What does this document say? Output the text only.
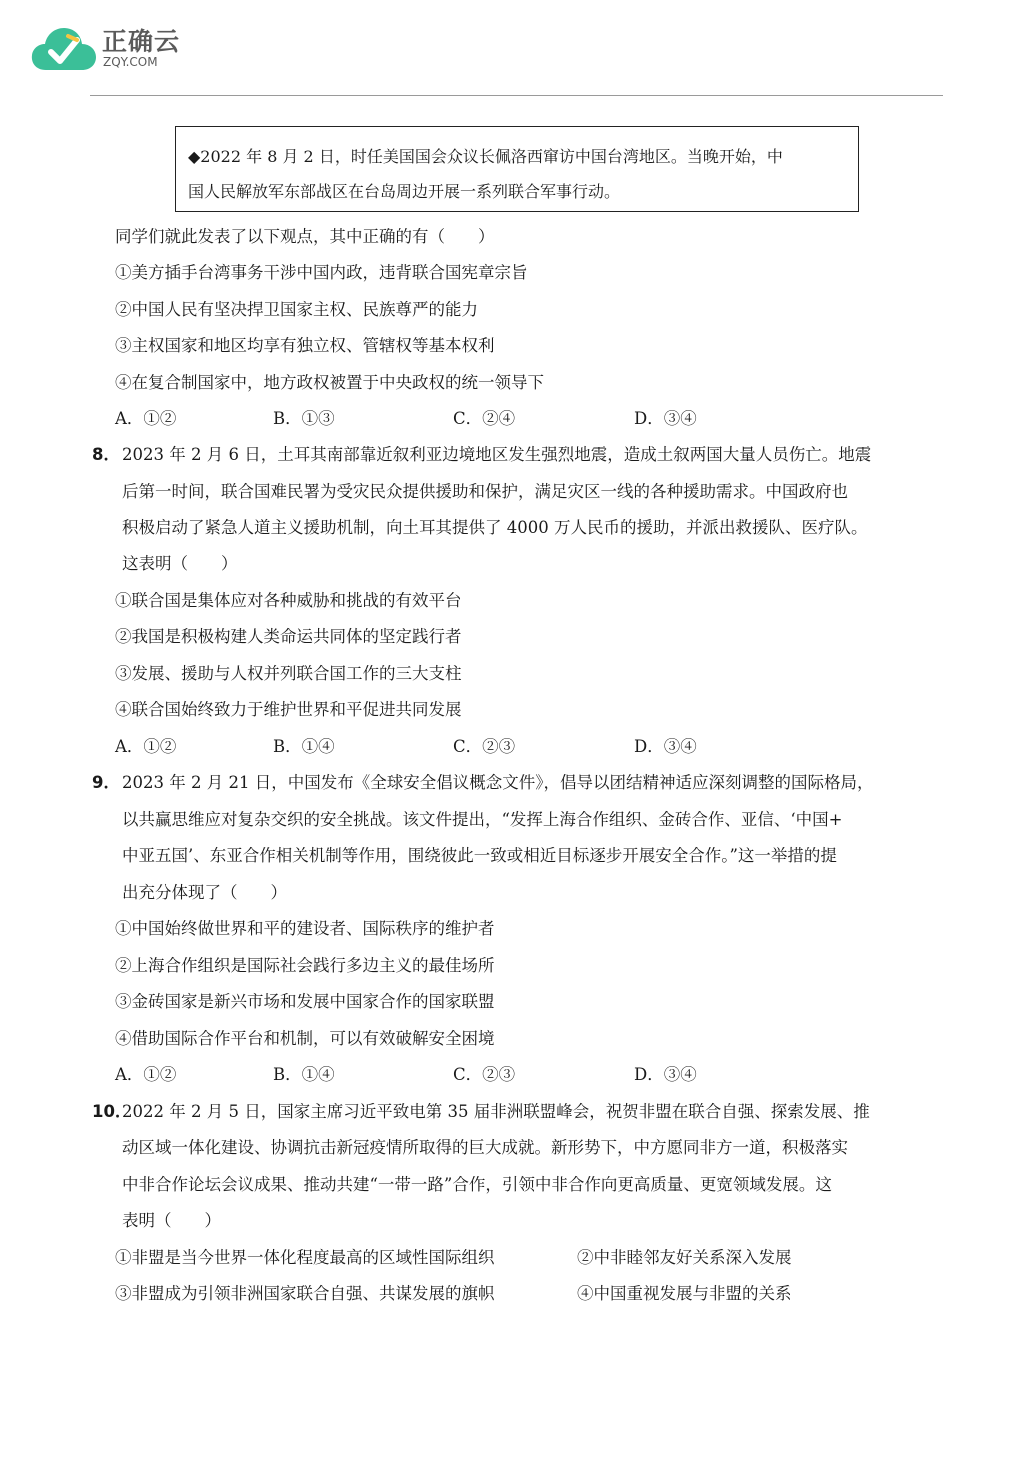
正确云
ZQY.COM
◆2022 年 8 月 2 日，时任美国国会众议长佩洛西窜访中国台湾地区。当晚开始，中
国人民解放军东部战区在台岛周边开展一系列联合军事行动。
同学们就此发表了以下观点，其中正确的有（　　）
①美方插手台湾事务干涉中国内政，违背联合国宪章宗旨
②中国人民有坚决捍卫国家主权、民族尊严的能力
③主权国家和地区均享有独立权、管辖权等基本权利
④在复合制国家中，地方政权被置于中央政权的统一领导下
A．①②	B．①③	C．②④	D．③④
8． 2023 年 2 月 6 日，土耳其南部靠近叙利亚边境地区发生强烈地震，造成土叙两国大量人员伤亡。地震
后第一时间，联合国难民署为受灾民众提供援助和保护，满足灾区一线的各种援助需求。中国政府也
积极启动了紧急人道主义援助机制，向土耳其提供了 4000 万人民币的援助，并派出救援队、医疗队。
这表明（　　）
①联合国是集体应对各种威胁和挑战的有效平台
②我国是积极构建人类命运共同体的坚定践行者
③发展、援助与人权并列联合国工作的三大支柱
④联合国始终致力于维护世界和平促进共同发展
A．①②	B．①④	C．②③	D．③④
9． 2023 年 2 月 21 日，中国发布《全球安全倡议概念文件》，倡导以团结精神适应深刻调整的国际格局，
以共赢思维应对复杂交织的安全挑战。该文件提出，“发挥上海合作组织、金砖合作、亚信、‘中国+
中亚五国’、东亚合作相关机制等作用，围绕彼此一致或相近目标逐步开展安全合作。”这一举措的提
出充分体现了（　　）
①中国始终做世界和平的建设者、国际秩序的维护者
②上海合作组织是国际社会践行多边主义的最佳场所
③金砖国家是新兴市场和发展中国家合作的国家联盟
④借助国际合作平台和机制，可以有效破解安全困境
A．①②	B．①④	C．②③	D．③④
10．
2022 年 2 月 5 日，国家主席习近平致电第 35 届非洲联盟峰会，祝贺非盟在联合自强、探索发展、推
动区域一体化建设、协调抗击新冠疫情所取得的巨大成就。新形势下，中方愿同非方一道，积极落实
中非合作论坛会议成果、推动共建“一带一路”合作，引领中非合作向更高质量、更宽领域发展。这
表明（　　）
①非盟是当今世界一体化程度最高的区域性国际组织	②中非睦邻友好关系深入发展
③非盟成为引领非洲国家联合自强、共谋发展的旗帜	④中国重视发展与非盟的关系
